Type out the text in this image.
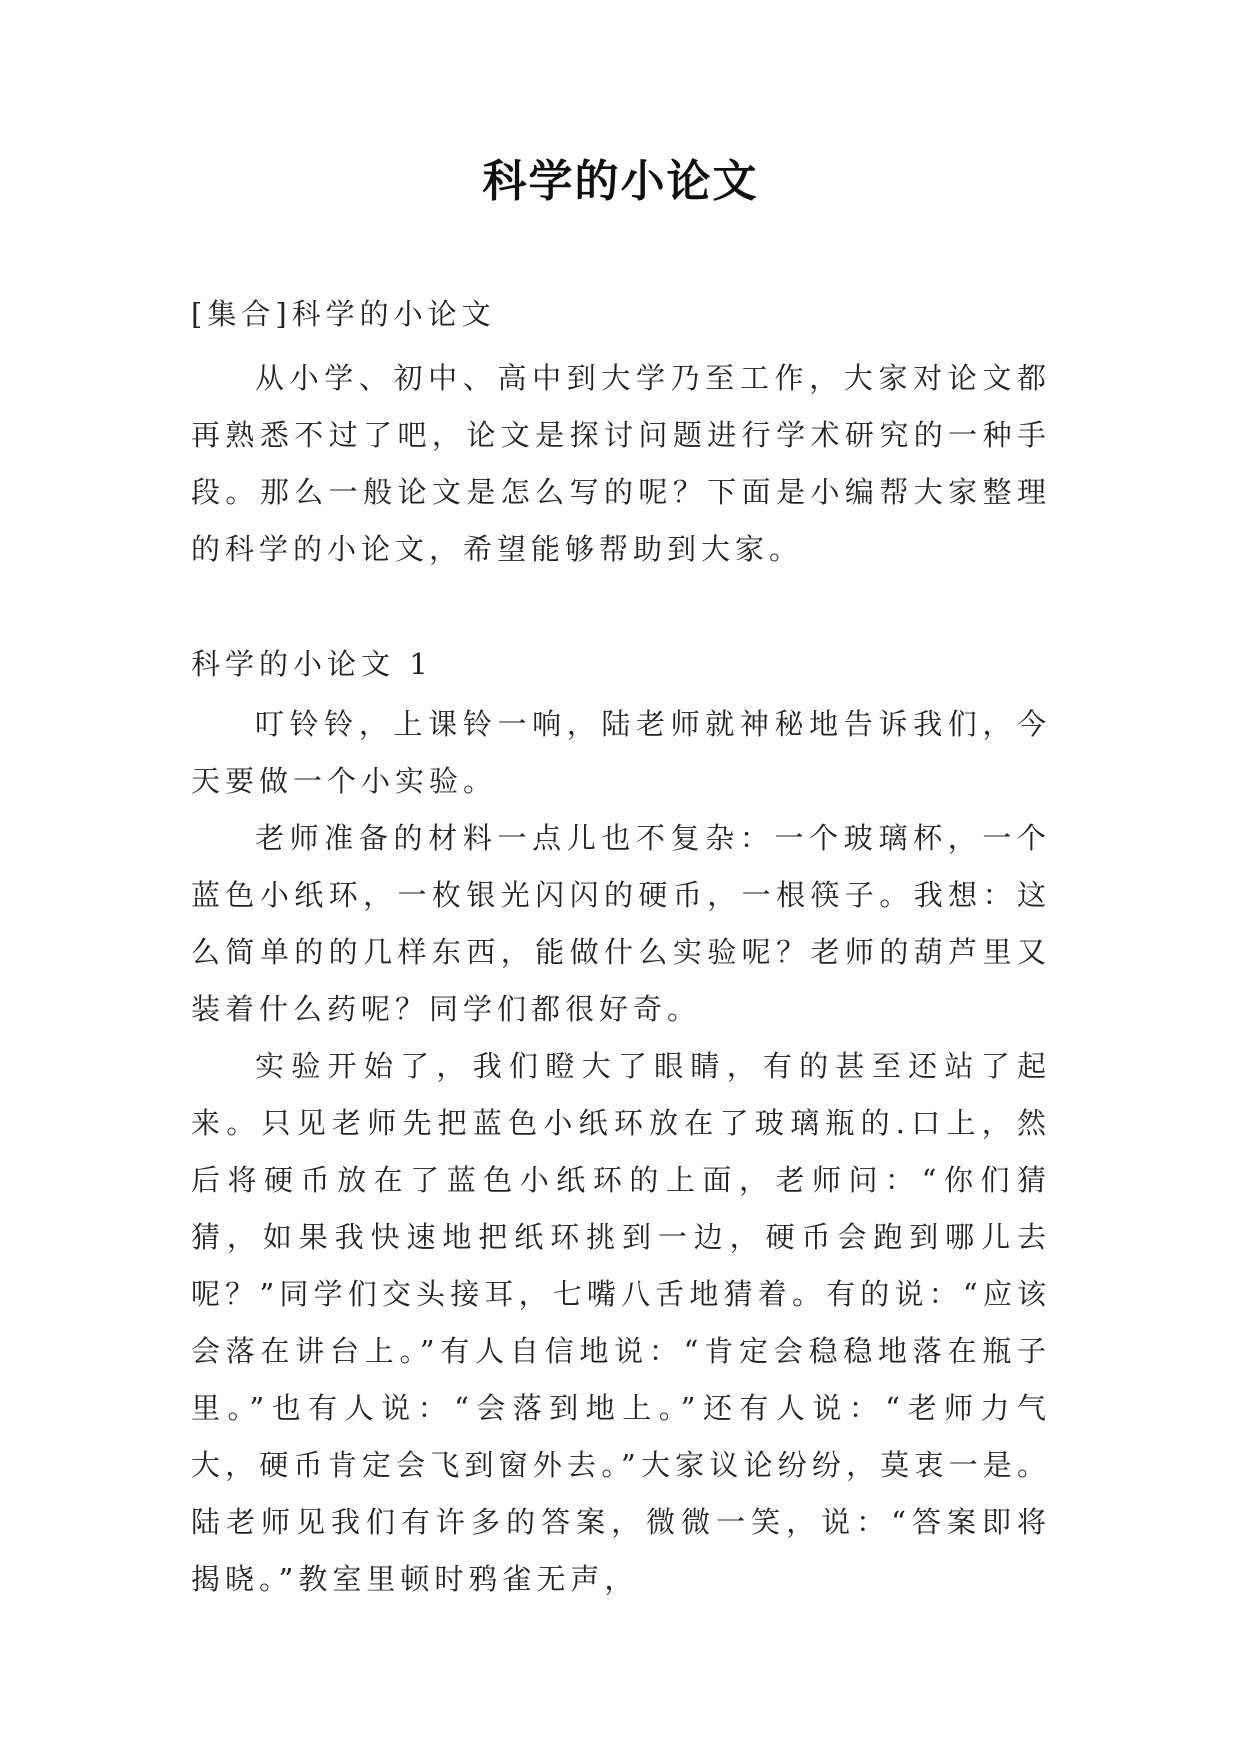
科学的小论文
[集合]科学的小论文
从小学、初中、高中到大学乃至工作，大家对论文都再熟悉不过了吧，论文是探讨问题进行学术研究的一种手段。那么一般论文是怎么写的呢？下面是小编帮大家整理的科学的小论文，希望能够帮助到大家。
科学的小论文 1

叮铃铃，上课铃一响，陆老师就神秘地告诉我们，今天要做一个小实验。

老师准备的材料一点儿也不复杂：一个玻璃杯，一个蓝色小纸环，一枚银光闪闪的硬币，一根筷子。我想：这么简单的的几样东西，能做什么实验呢？老师的葫芦里又装着什么药呢？同学们都很好奇。

实验开始了，我们瞪大了眼睛，有的甚至还站了起来。只见老师先把蓝色小纸环放在了玻璃瓶的.口上，然后将硬币放在了蓝色小纸环的上面，老师问：“你们猜猜，如果我快速地把纸环挑到一边，硬币会跑到哪儿去呢？”同学们交头接耳，七嘴八舌地猜着。有的说：“应该会落在讲台上。”有人自信地说：“肯定会稳稳地落在瓶子里。”也有人说：“会落到地上。”还有人说：“老师力气大，硬币肯定会飞到窗外去。”大家议论纷纷，莫衷一是。陆老师见我们有许多的答案，微微一笑，说：“答案即将揭晓。”教室里顿时鸦雀无声，
